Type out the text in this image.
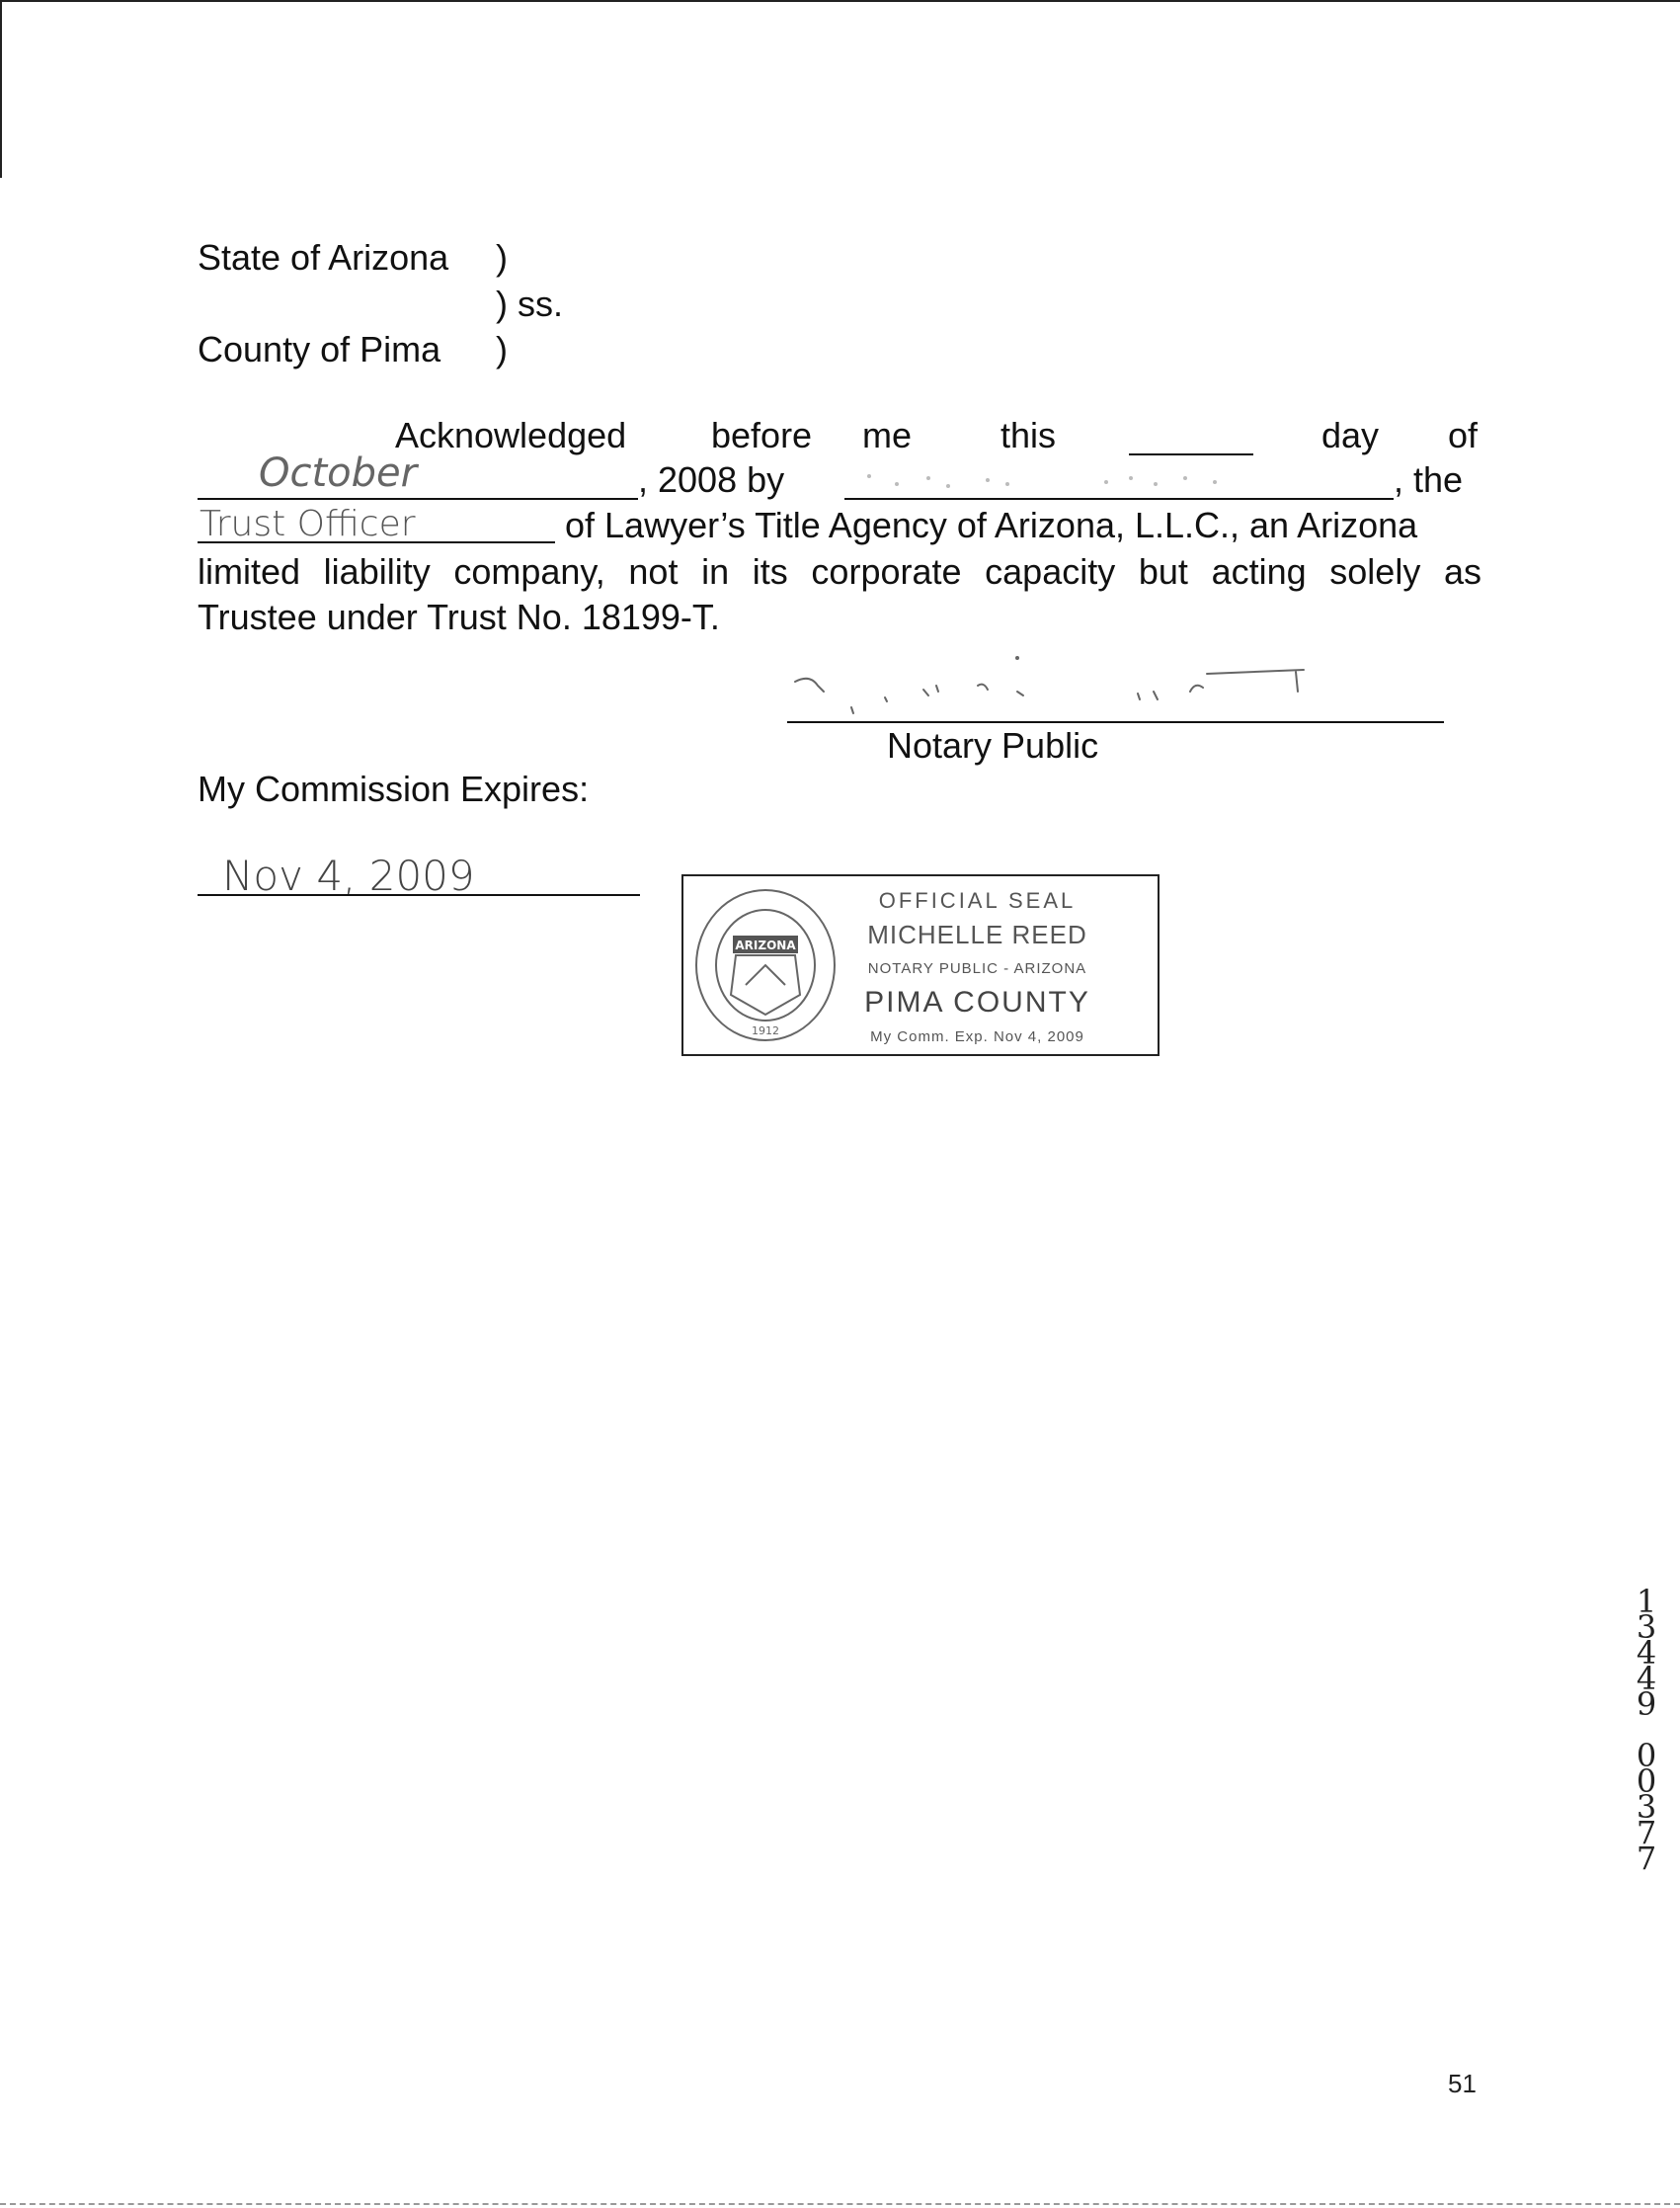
State of Arizona )
) ss.
County of Pima )
Acknowledged before me this	day of
October	, 2008 by	, the
Trust Officer	of Lawyer’s Title Agency of Arizona, L.L.C., an Arizona
limited liability company, not in its corporate capacity but acting solely as
Trustee under Trust No. 18199-T.
Notary Public
My Commission Expires:
Nov 4, 2009
ARIZONA
1912
OFFICIAL SEAL
MICHELLE REED
NOTARY PUBLIC - ARIZONA
PIMA COUNTY
My Comm. Exp. Nov 4, 2009
1
3
4
4
9

0
0
3
7
7
51
